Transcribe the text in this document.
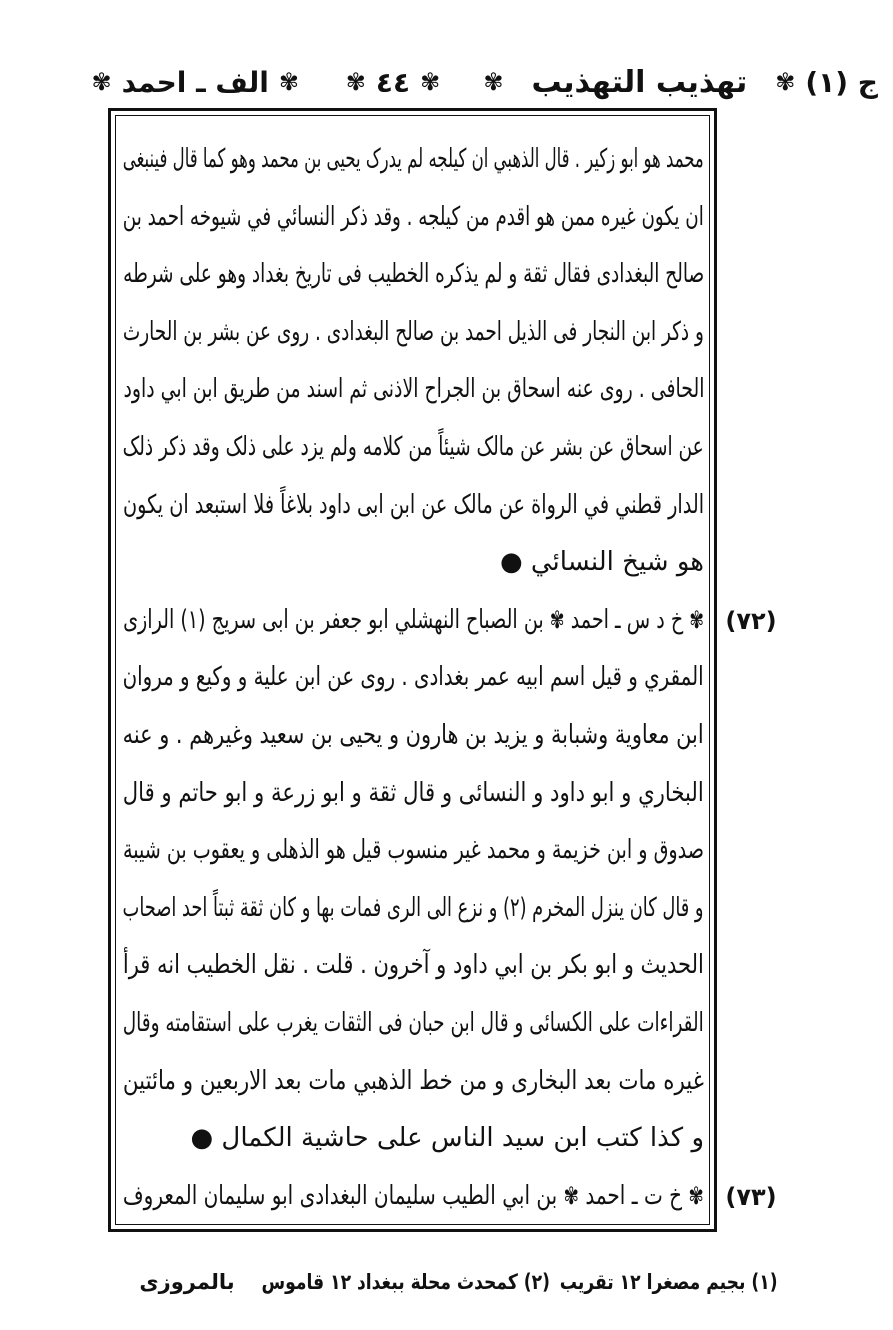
ج (١)
✾
تهذیب التهذیب
✾
✾
٤٤
✾
✾
الف ـ احمد
✾
محمد هو ابو زکیر . قال الذهبي ان کیلجه لم یدرک یحیی بن محمد وهو کما قال فینبغی
ان یکون غیره ممن هو اقدم من کیلجه . وقد ذکر النسائي في شیوخه احمد بن
صالح البغدادی فقال ثقة و لم یذکره الخطیب فی تاریخ بغداد وهو علی شرطه
و ذکر ابن النجار فی الذیل احمد بن صالح البغدادی . روی عن بشر بن الحارث
الحافی . روی عنه اسحاق بن الجراح الاذنی ثم اسند من طریق ابن ابي داود
عن اسحاق عن بشر عن مالک شیئاً من کلامه ولم یزد علی ذلک وقد ذکر ذلک
الدار قطني في الرواة عن مالک عن ابن ابی داود بلاغاً فلا استبعد ان یکون
هو شیخ النسائي ●
✾ خ د س ـ احمد ✾ بن الصباح النهشلي ابو جعفر بن ابی سریج (١) الرازی
المقري و قیل اسم ابیه عمر بغدادی . روی عن ابن علیة و وکیع و مروان
ابن معاویة وشبابة و یزید بن هارون و یحیی بن سعید وغیرهم . و عنه
البخاري و ابو داود و النسائی و قال ثقة و ابو زرعة و ابو حاتم و قال
صدوق و ابن خزیمة و محمد غیر منسوب قیل هو الذهلی و یعقوب بن شیبة
و قال کان ینزل المخرم (٢) و نزع الی الری فمات بها و کان ثقة ثبتاً احد اصحاب
الحدیث و ابو بکر بن ابي داود و آخرون . قلت . نقل الخطیب انه قرأ
القراءات علی الکسائی و قال ابن حبان فی الثقات یغرب علی استقامته وقال
غیره مات بعد البخاری و من خط الذهبي مات بعد الاربعین و مائتین
و کذا کتب ابن سید الناس علی حاشیة الکمال ●
✾ خ ت ـ احمد ✾ بن ابي الطیب سلیمان البغدادی ابو سلیمان المعروف
(٧٢)
(٧٣)
(١) بجیم مصغرا ١٢ تقریب(٢) کمحدث محلة ببغداد ١٢ قاموس
بالمروزی
